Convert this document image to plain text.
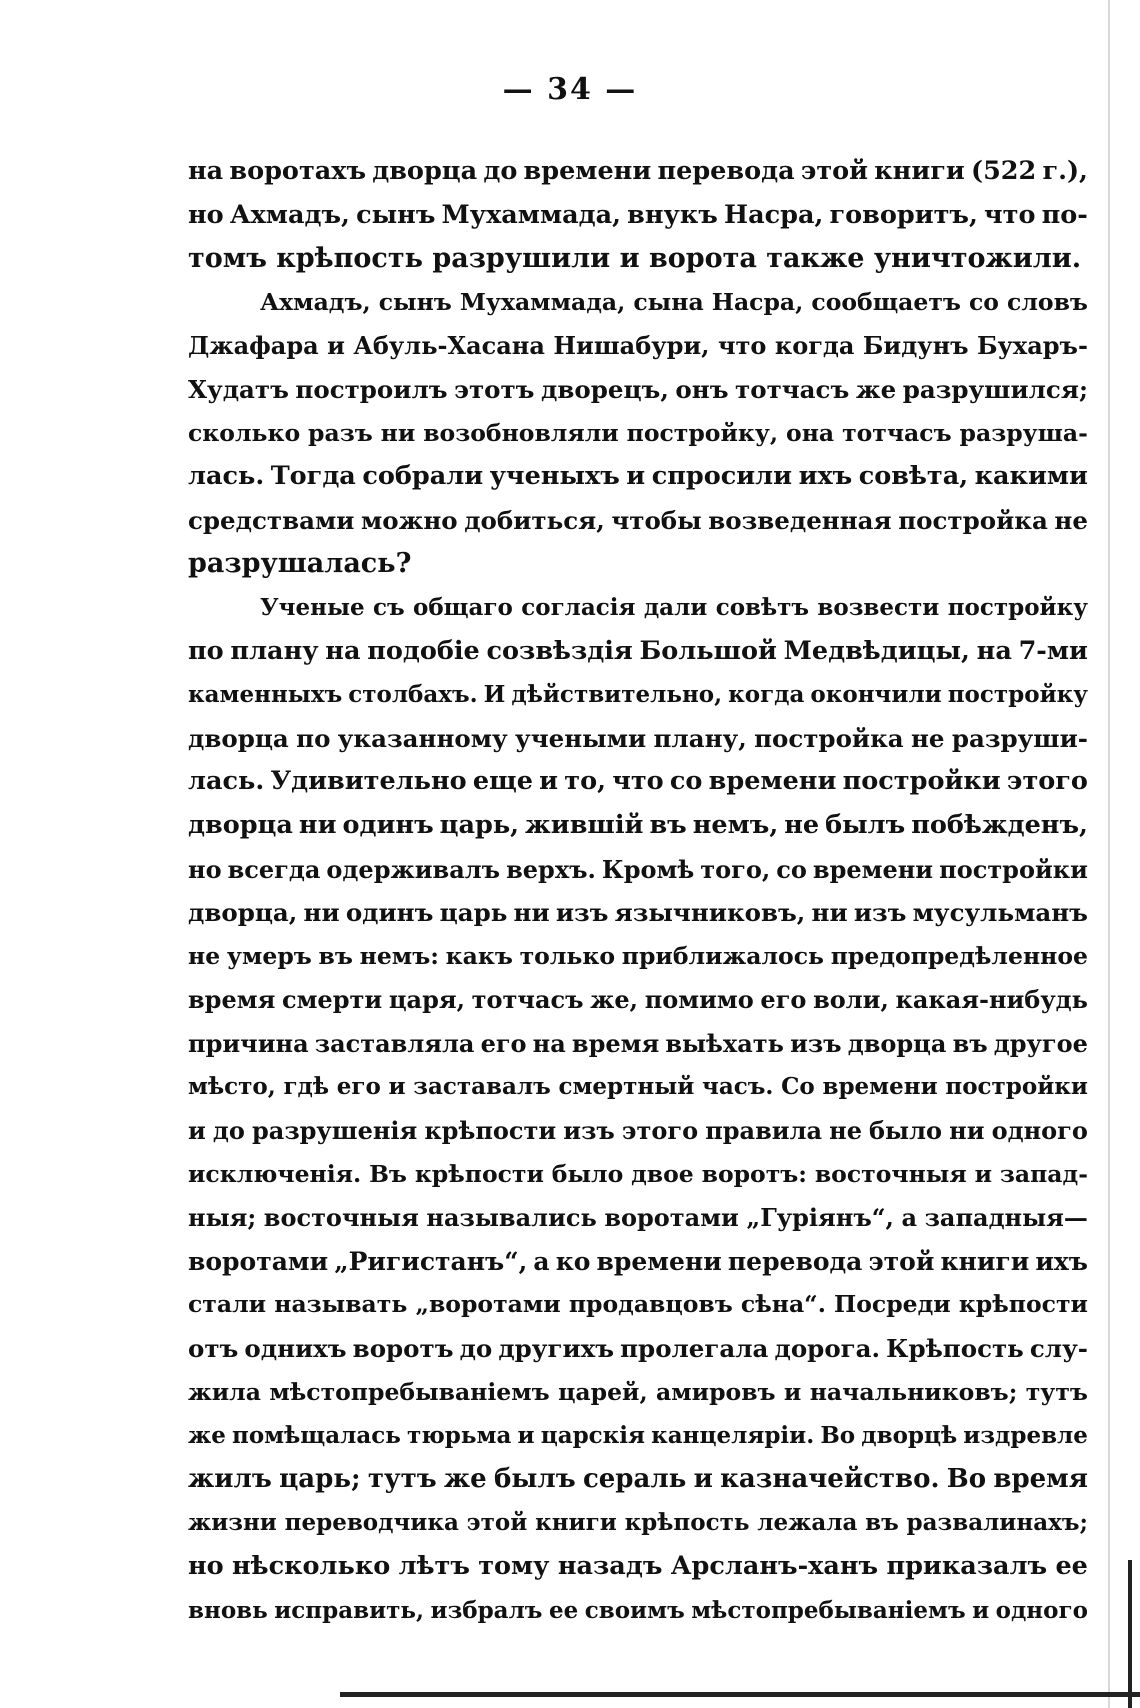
— 34 —
на воротахъ дворца до времени перевода этой книги (522 г.),
но Ахмадъ, сынъ Мухаммада, внукъ Насра, говоритъ, что по-
томъ крѣпость разрушили и ворота также уничтожили.
Ахмадъ, сынъ Мухаммада, сына Насра, сообщаетъ со словъ
Джафара и Абуль-Хасана Нишабури, что когда Бидунъ Бухаръ-
Худатъ построилъ этотъ дворецъ, онъ тотчасъ же разрушился;
сколько разъ ни возобновляли постройку, она тотчасъ разруша-
лась. Тогда собрали ученыхъ и спросили ихъ совѣта, какими
средствами можно добиться, чтобы возведенная постройка не
разрушалась?
Ученые съ общаго согласія дали совѣтъ возвести постройку
по плану на подобіе созвѣздія Большой Медвѣдицы, на 7-ми
каменныхъ столбахъ. И дѣйствительно, когда окончили постройку
дворца по указанному учеными плану, постройка не разруши-
лась. Удивительно еще и то, что со времени постройки этого
дворца ни одинъ царь, жившій въ немъ, не былъ побѣжденъ,
но всегда одерживалъ верхъ. Кромѣ того, со времени постройки
дворца, ни одинъ царь ни изъ язычниковъ, ни изъ мусульманъ
не умеръ въ немъ: какъ только приближалось предопредѣленное
время смерти царя, тотчасъ же, помимо его воли, какая-нибудь
причина заставляла его на время выѣхать изъ дворца въ другое
мѣсто, гдѣ его и заставалъ смертный часъ. Со времени постройки
и до разрушенія крѣпости изъ этого правила не было ни одного
исключенія. Въ крѣпости было двое воротъ: восточныя и запад-
ныя; восточныя назывались воротами „Гуріянъ“, а западныя—
воротами „Ригистанъ“, а ко времени перевода этой книги ихъ
стали называть „воротами продавцовъ сѣна“. Посреди крѣпости
отъ однихъ воротъ до другихъ пролегала дорога. Крѣпость слу-
жила мѣстопребываніемъ царей, амировъ и начальниковъ; тутъ
же помѣщалась тюрьма и царскія канцеляріи. Во дворцѣ издревле
жилъ царь; тутъ же былъ сераль и казначейство. Во время
жизни переводчика этой книги крѣпость лежала въ развалинахъ;
но нѣсколько лѣтъ тому назадъ Арсланъ-ханъ приказалъ ее
вновь исправить, избралъ ее своимъ мѣстопребываніемъ и одного
